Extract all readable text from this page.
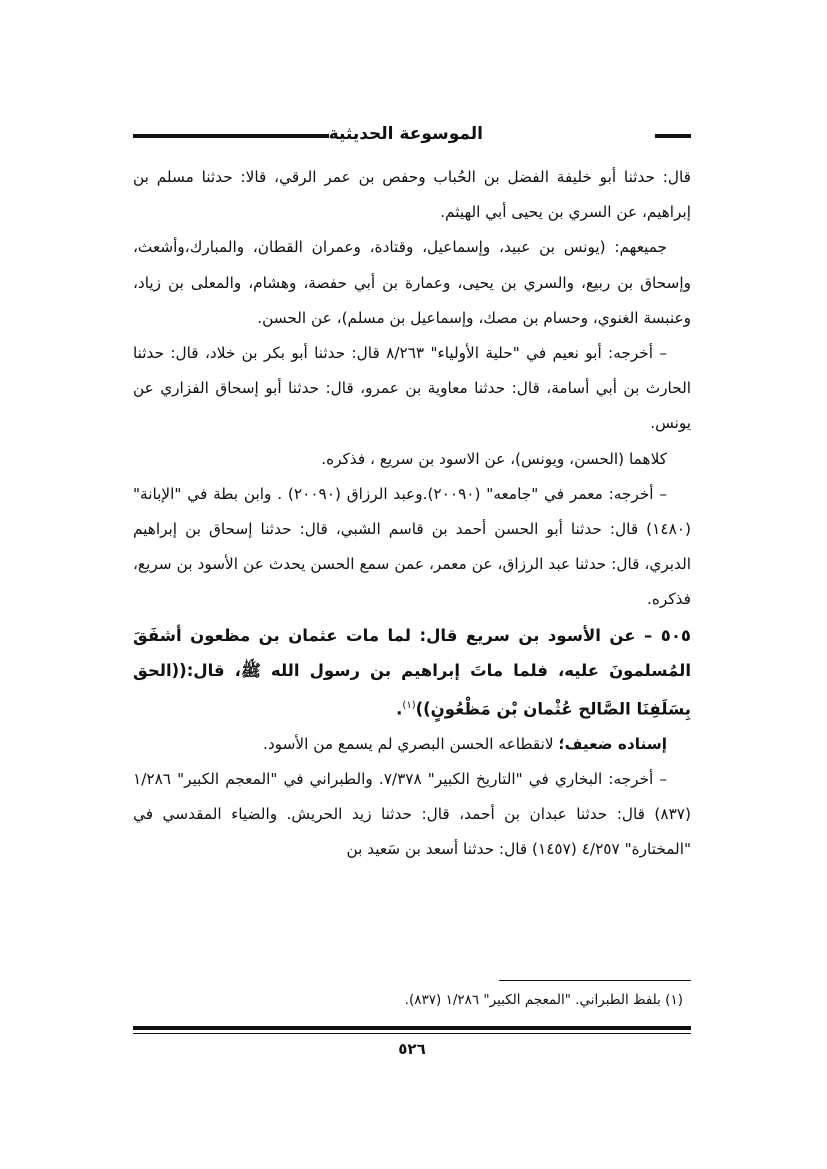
الموسوعة الحديثية

قال: حدثنا أبو خليفة الفضل بن الحُباب وحفص بن عمر الرقي، قالا: حدثنا مسلم بن إبراهيم، عن السري بن يحيى أبي الهيثم.

جميعهم: (يونس بن عبيد، وإسماعيل، وقتادة، وعمران القطان، والمبارك،وأشعث، وإسحاق بن ربيع، والسري بن يحيى، وعمارة بن أبي حفصة، وهشام، والمعلى بن زياد، وعنبسة الغنوي، وحسام بن مصك، وإسماعيل بن مسلم)، عن الحسن.

– أخرجه: أبو نعيم في "حلية الأولياء" ٨/٢٦٣ قال: حدثنا أبو بكر بن خلاد، قال: حدثنا الحارث بن أبي أسامة، قال: حدثنا معاوية بن عمرو، قال: حدثنا أبو إسحاق الفزاري عن يونس.

كلاهما (الحسن، ويونس)، عن الاسود بن سريع ، فذكره.

– أخرجه: معمر في "جامعه" (٢٠٠٩٠).وعبد الرزاق (٢٠٠٩٠) . وابن بطة في "الإبانة" (١٤٨٠) قال: حدثنا أبو الحسن أحمد بن قاسم الشبي، قال: حدثنا إسحاق بن إبراهيم الدبري، قال: حدثنا عبد الرزاق، عن معمر، عمن سمع الحسن يحدث عن الأسود بن سريع، فذكره.

٥٠٥ – عن الأسود بن سريع قال: لما مات عثمان بن مظعون أشفَقَ المُسلمونَ عليه، فلما ماتَ إبراهيم بن رسول الله ﷺ، قال:((الحق بِسَلَفِنَا الصَّالح عُثْمان بْن مَظْعُونٍ))$^{(١)}$.

إسناده ضعيف؛ لانقطاعه الحسن البصري لم يسمع من الأسود.

– أخرجه: البخاري في "التاريخ الكبير" ٧/٣٧٨. والطبراني في "المعجم الكبير" ١/٢٨٦ (٨٣٧) قال: حدثنا عبدان بن أحمد، قال: حدثنا زيد الحريش. والضياء المقدسي في "المختارة" ٤/٢٥٧ (١٤٥٧) قال: حدثنا أسعد بن سَعيد بن

(١) بلفظ الطبراني. "المعجم الكبير" ١/٢٨٦ (٨٣٧).
٥٢٦
